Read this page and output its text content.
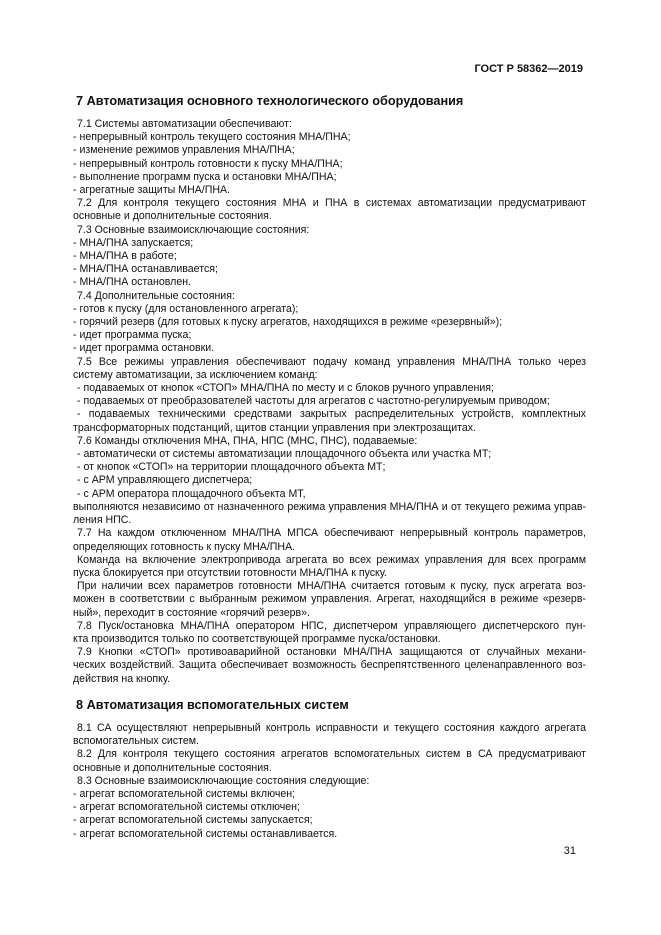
ГОСТ Р 58362—2019
7 Автоматизация основного технологического оборудования
7.1 Системы автоматизации обеспечивают:
- непрерывный контроль текущего состояния МНА/ПНА;
- изменение режимов управления МНА/ПНА;
- непрерывный контроль готовности к пуску МНА/ПНА;
- выполнение программ пуска и остановки МНА/ПНА;
- агрегатные защиты МНА/ПНА.
7.2 Для контроля текущего состояния МНА и ПНА в системах автоматизации предусматривают
основные и дополнительные состояния.
7.3 Основные взаимоисключающие состояния:
- МНА/ПНА запускается;
- МНА/ПНА в работе;
- МНА/ПНА останавливается;
- МНА/ПНА остановлен.
7.4 Дополнительные состояния:
- готов к пуску (для остановленного агрегата);
- горячий резерв (для готовых к пуску агрегатов, находящихся в режиме «резервный»);
- идет программа пуска;
- идет программа остановки.
7.5 Все режимы управления обеспечивают подачу команд управления МНА/ПНА только через
систему автоматизации, за исключением команд:
- подаваемых от кнопок «СТОП» МНА/ПНА по месту и с блоков ручного управления;
- подаваемых от преобразователей частоты для агрегатов с частотно-регулируемым приводом;
- подаваемых техническими средствами закрытых распределительных устройств, комплектных
трансформаторных подстанций, щитов станции управления при электрозащитах.
7.6 Команды отключения МНА, ПНА, НПС (МНС, ПНС), подаваемые:
- автоматически от системы автоматизации площадочного объекта или участка МТ;
- от кнопок «СТОП» на территории площадочного объекта МТ;
- с АРМ управляющего диспетчера;
- с АРМ оператора площадочного объекта МТ,
выполняются независимо от назначенного режима управления МНА/ПНА и от текущего режима управ-
ления НПС.
7.7 На каждом отключенном МНА/ПНА МПСА обеспечивают непрерывный контроль параметров,
определяющих готовность к пуску МНА/ПНА.
Команда на включение электропривода агрегата во всех режимах управления для всех программ
пуска блокируется при отсутствии готовности МНА/ПНА к пуску.
При наличии всех параметров готовности МНА/ПНА считается готовым к пуску, пуск агрегата воз-
можен в соответствии с выбранным режимом управления. Агрегат, находящийся в режиме «резерв-
ный», переходит в состояние «горячий резерв».
7.8 Пуск/остановка МНА/ПНА оператором НПС, диспетчером управляющего диспетчерского пун-
кта производится только по соответствующей программе пуска/остановки.
7.9 Кнопки «СТОП» противоаварийной остановки МНА/ПНА защищаются от случайных механи-
ческих воздействий. Защита обеспечивает возможность беспрепятственного целенаправленного воз-
действия на кнопку.
8 Автоматизация вспомогательных систем
8.1 СА осуществляют непрерывный контроль исправности и текущего состояния каждого агрегата
вспомогательных систем.
8.2 Для контроля текущего состояния агрегатов вспомогательных систем в СА предусматривают
основные и дополнительные состояния.
8.3 Основные взаимоисключающие состояния следующие:
- агрегат вспомогательной системы включен;
- агрегат вспомогательной системы отключен;
- агрегат вспомогательной системы запускается;
- агрегат вспомогательной системы останавливается.
31
